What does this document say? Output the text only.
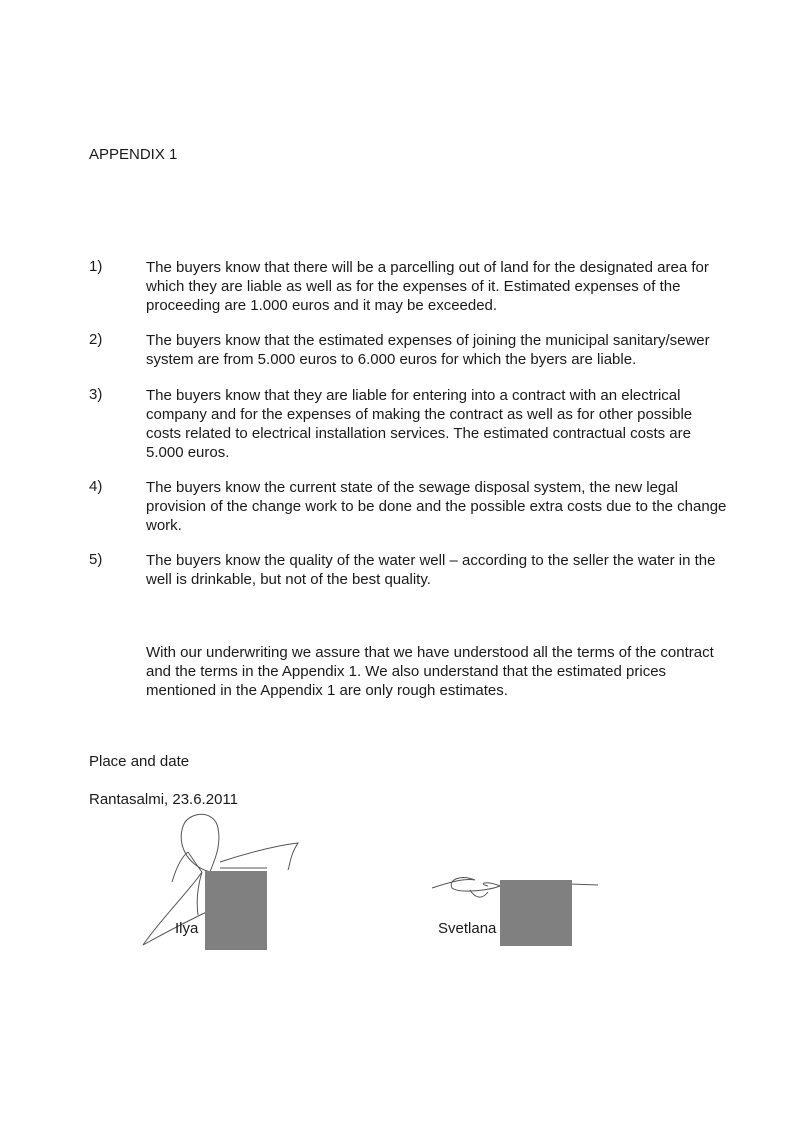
APPENDIX 1
1)	The buyers know that there will be a parcelling out of land for the designated area for
which they are liable as well as for the expenses of it. Estimated expenses of the
proceeding are 1.000 euros and it may be exceeded.
2)	The buyers know that the estimated expenses of joining the municipal sanitary/sewer
system are from 5.000 euros to 6.000 euros for which the byers are liable.
3)	The buyers know that they are liable for entering into a contract with an electrical
company and for the expenses of making the contract as well as for other possible
costs related to electrical installation services. The estimated contractual costs are
5.000 euros.
4)	The buyers know the current state of the sewage disposal system, the new legal
provision of the change work to be done and the possible extra costs due to the change
work.
5)	The buyers know the quality of the water well – according to the seller the water in the
well is drinkable, but not of the best quality.
With our underwriting we assure that we have understood all the terms of the contract
and the terms in the Appendix 1. We also understand that the estimated prices
mentioned in the Appendix 1 are only rough estimates.
Place and date
Rantasalmi, 23.6.2011
Ilya	Svetlana
